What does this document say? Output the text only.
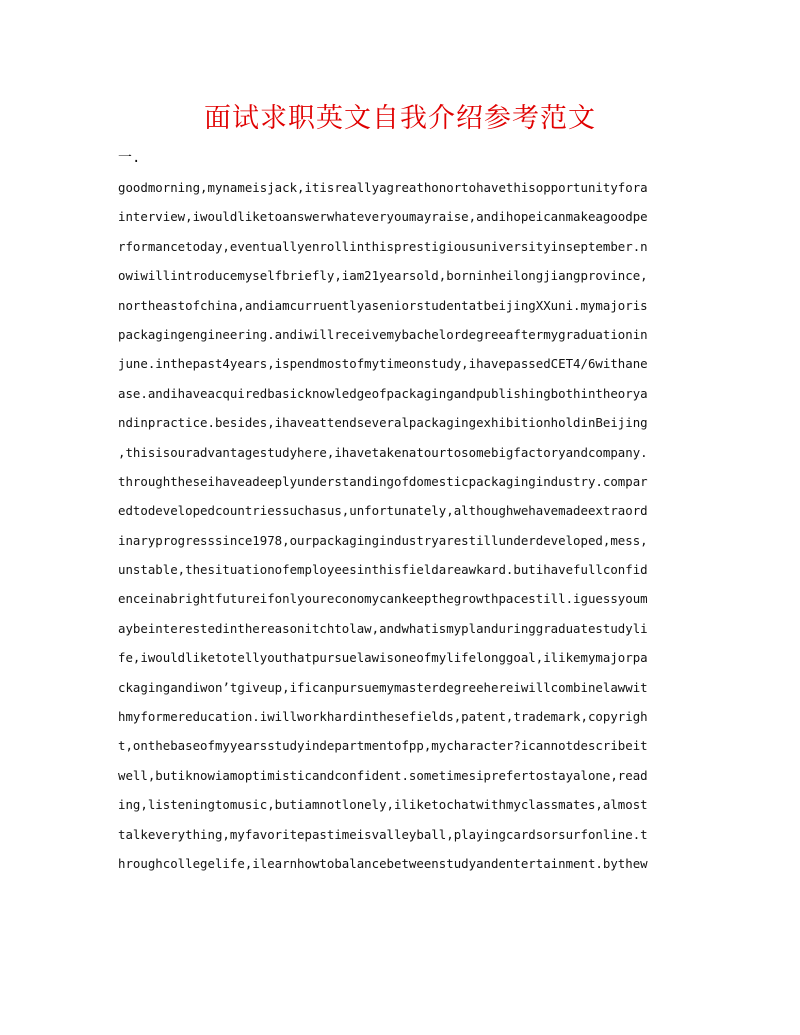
面试求职英文自我介绍参考范文
一.
goodmorning,mynameisjack,itisreallyagreathonortohavethisopportunityfora
interview,iwouldliketoanswerwhateveryoumayraise,andihopeicanmakeagoodpe
rformancetoday,eventuallyenrollinthisprestigiousuniversityinseptember.n
owiwillintroducemyselfbriefly,iam21yearsold,borninheilongjiangprovince,
northeastofchina,andiamcurruentlyaseniorstudentatbeijingXXuni.mymajoris
packagingengineering.andiwillreceivemybachelordegreeaftermygraduationin
june.inthepast4years,ispendmostofmytimeonstudy,ihavepassedCET4/6withane
ase.andihaveacquiredbasicknowledgeofpackagingandpublishingbothintheorya
ndinpractice.besides,ihaveattendseveralpackagingexhibitionholdinBeijing
,thisisouradvantagestudyhere,ihavetakenatourtosomebigfactoryandcompany.
throughtheseihaveadeeplyunderstandingofdomesticpackagingindustry.compar
edtodevelopedcountriessuchasus,unfortunately,althoughwehavemadeextraord
inaryprogresssince1978,ourpackagingindustryarestillunderdeveloped,mess,
unstable,thesituationofemployeesinthisfieldareawkard.butihavefullconfid
enceinabrightfutureifonlyoureconomycankeepthegrowthpacestill.iguessyoum
aybeinterestedinthereasonitchtolaw,andwhatismyplanduringgraduatestudyli
fe,iwouldliketotellyouthatpursuelawisoneofmylifelonggoal,ilikemymajorpa
ckagingandiwon’tgiveup,ificanpursuemymasterdegreehereiwillcombinelawwit
hmyformereducation.iwillworkhardinthesefields,patent,trademark,copyrigh
t,onthebaseofmyyearsstudyindepartmentofpp,mycharacter?icannotdescribeit
well,butiknowiamoptimisticandconfident.sometimesiprefertostayalone,read
ing,listeningtomusic,butiamnotlonely,iliketochatwithmyclassmates,almost
talkeverything,myfavoritepastimeisvalleyball,playingcardsorsurfonline.t
hroughcollegelife,ilearnhowtobalancebetweenstudyandentertainment.bythew
